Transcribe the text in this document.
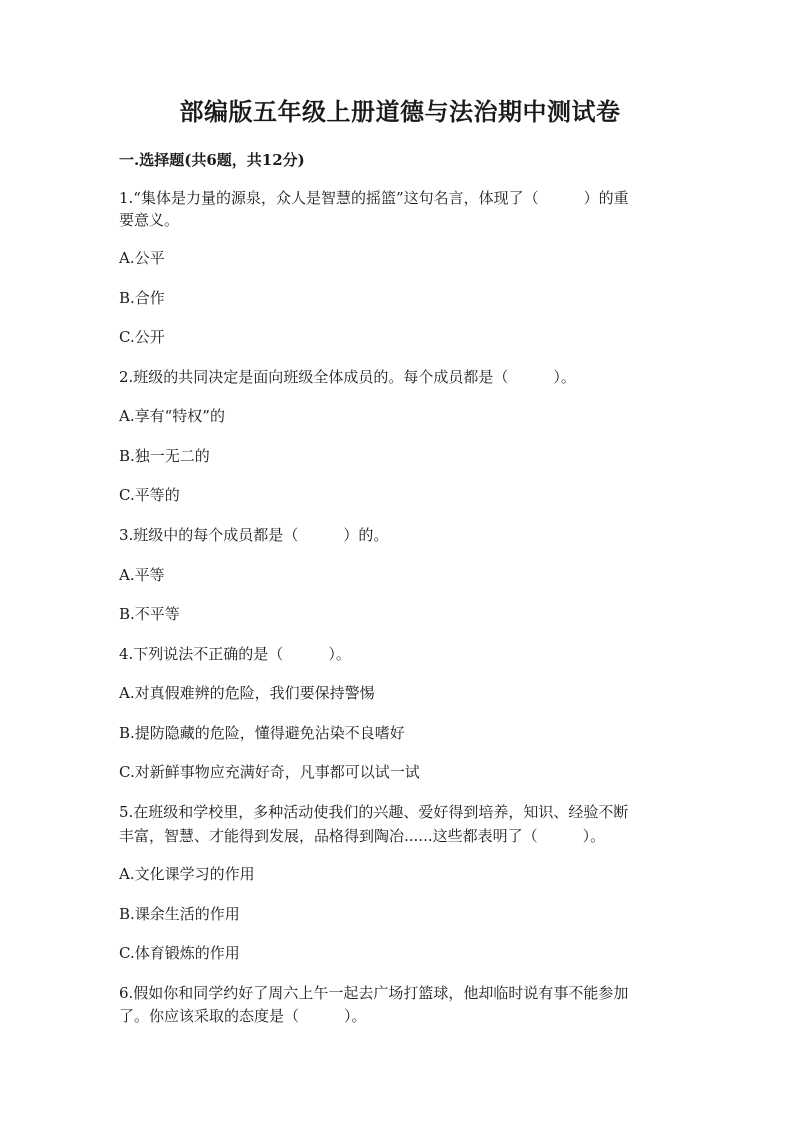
部编版五年级上册道德与法治期中测试卷
一.选择题(共6题，共12分)
1.“集体是力量的源泉，众人是智慧的摇篮”这句名言，体现了（　　　）的重
要意义。
A.公平
B.合作
C.公开
2.班级的共同决定是面向班级全体成员的。每个成员都是（　　　）。
A.享有“特权”的
B.独一无二的
C.平等的
3.班级中的每个成员都是（　　　）的。
A.平等
B.不平等
4.下列说法不正确的是（　　　）。
A.对真假难辨的危险，我们要保持警惕
B.提防隐藏的危险，懂得避免沾染不良嗜好
C.对新鲜事物应充满好奇，凡事都可以试一试
5.在班级和学校里，多种活动使我们的兴趣、爱好得到培养，知识、经验不断
丰富，智慧、才能得到发展，品格得到陶冶......这些都表明了（　　　）。
A.文化课学习的作用
B.课余生活的作用
C.体育锻炼的作用
6.假如你和同学约好了周六上午一起去广场打篮球，他却临时说有事不能参加
了。你应该采取的态度是（　　　）。
